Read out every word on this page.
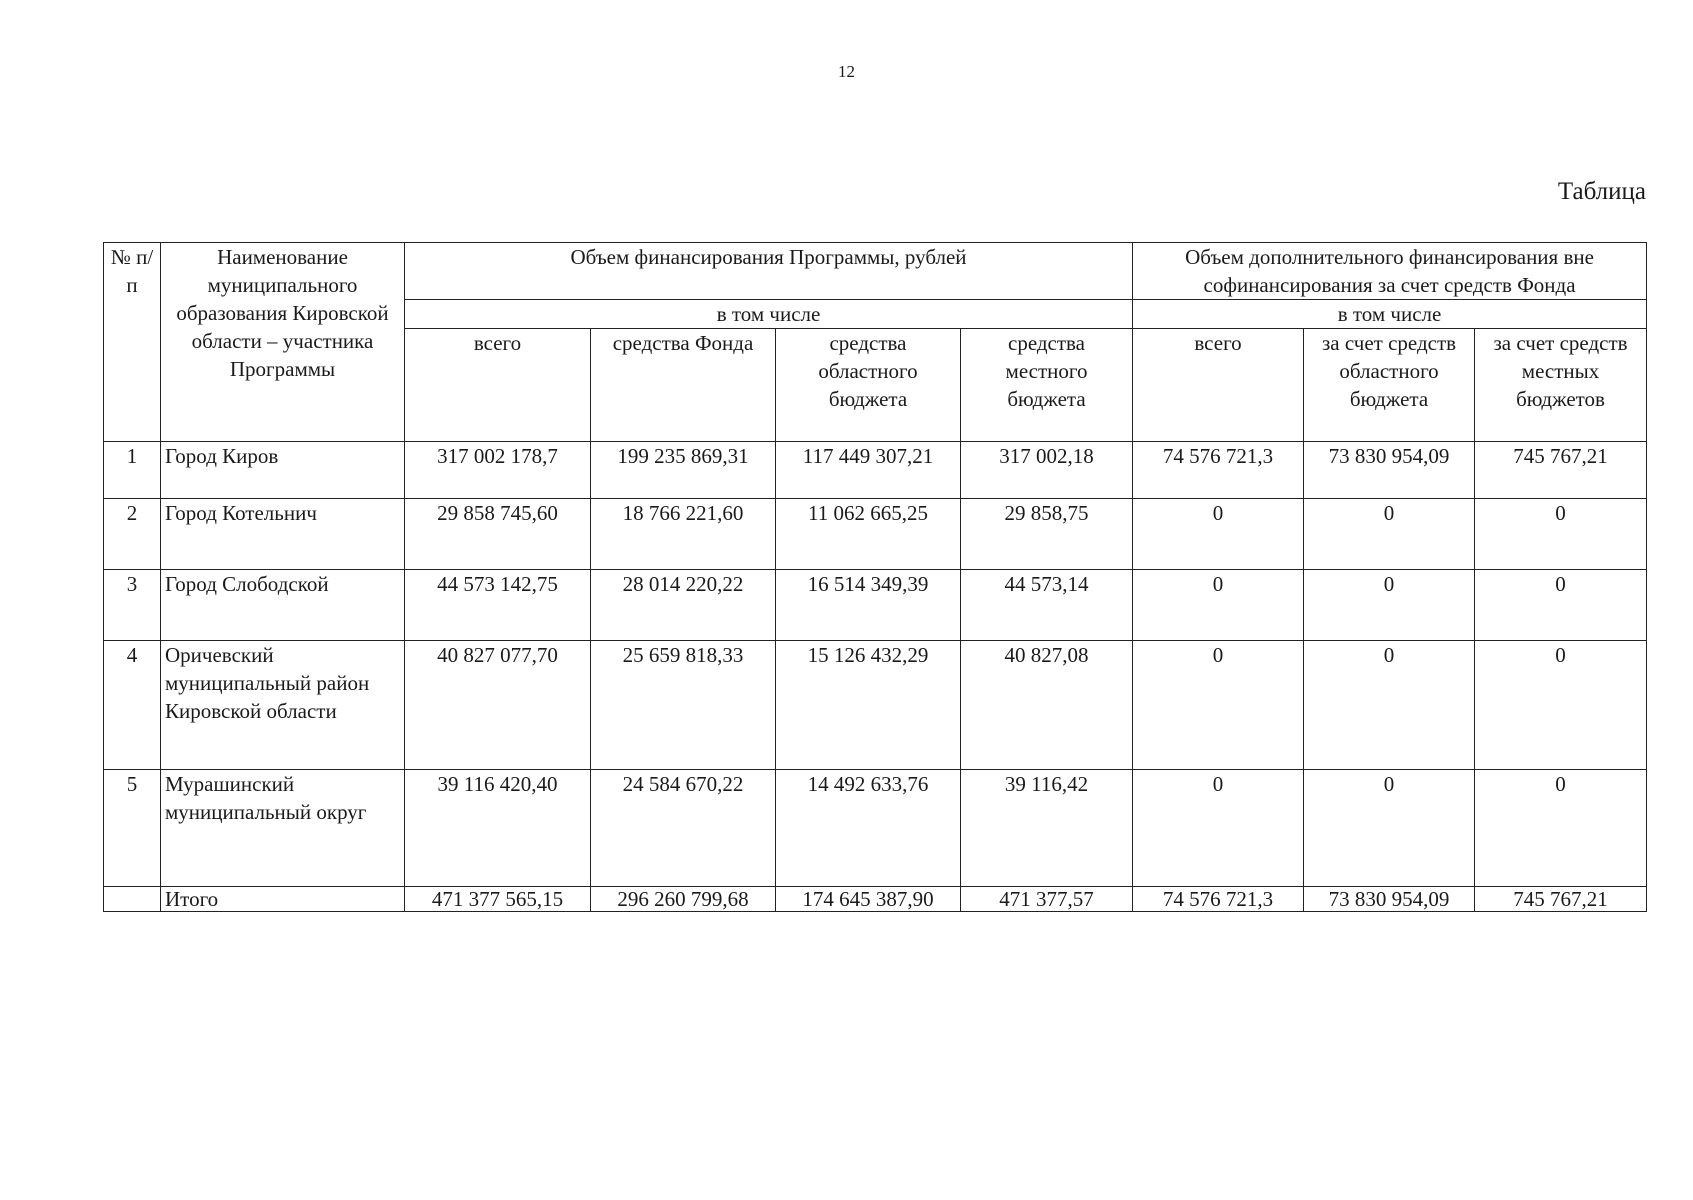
12
Таблица
№ п/п	Наименование муниципального образования Кировской области – участника Программы	Объем финансирования Программы, рублей				Объем дополнительного финансирования вне софинансирования за счет средств Фонда		
		в том числе				в том числе		
		всего	средства Фонда	средства областного бюджета	средства местного бюджета	всего	за счет средств областного бюджета	за счет средств местных бюджетов
1	Город Киров	317 002 178,7	199 235 869,31	117 449 307,21	317 002,18	74 576 721,3	73 830 954,09	745 767,21
2	Город Котельнич	29 858 745,60	18 766 221,60	11 062 665,25	29 858,75	0	0	0
3	Город Слободской	44 573 142,75	28 014 220,22	16 514 349,39	44 573,14	0	0	0
4	Оричевский муниципальный район Кировской области	40 827 077,70	25 659 818,33	15 126 432,29	40 827,08	0	0	0
5	Мурашинский муниципальный округ	39 116 420,40	24 584 670,22	14 492 633,76	39 116,42	0	0	0
	Итого	471 377 565,15	296 260 799,68	174 645 387,90	471 377,57	74 576 721,3	73 830 954,09	745 767,21
